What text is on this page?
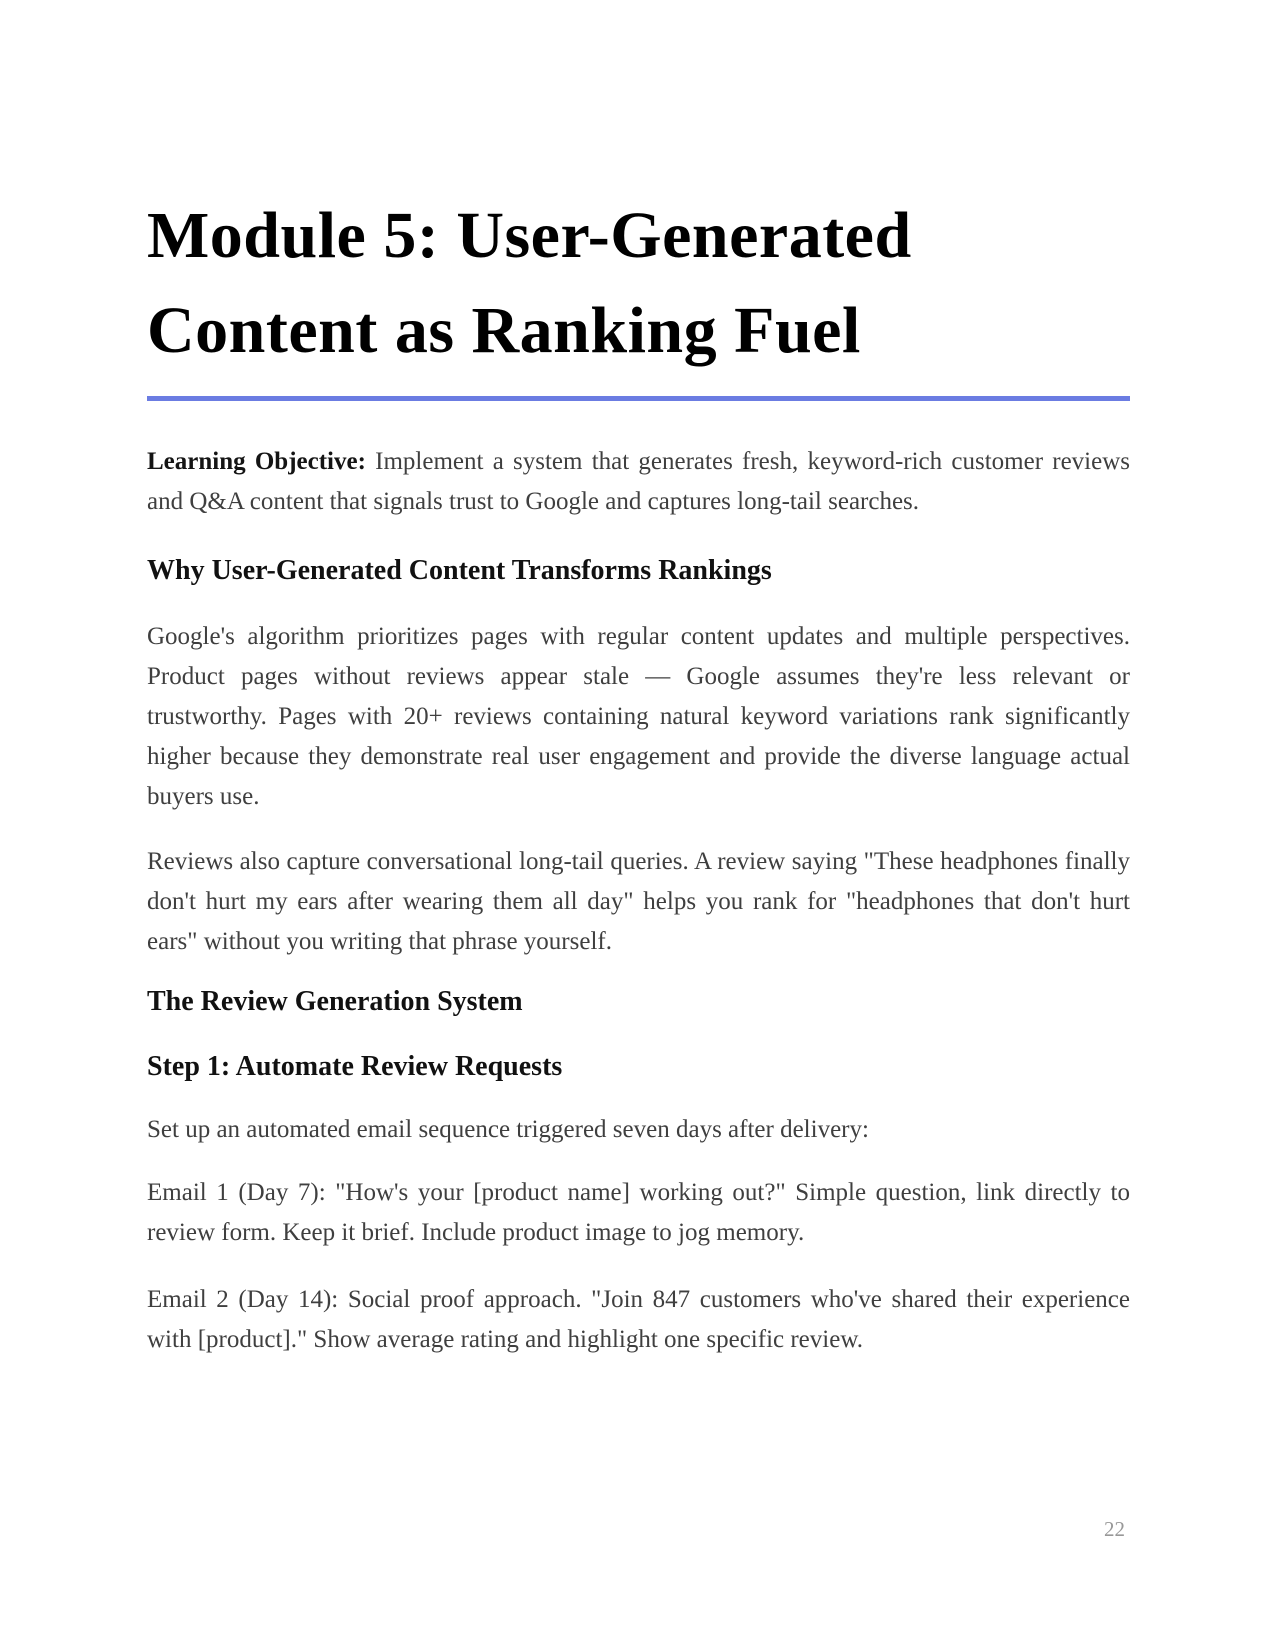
Module 5: User-Generated Content as Ranking Fuel

Learning Objective: Implement a system that generates fresh, keyword-rich customer reviews and Q&A content that signals trust to Google and captures long-tail searches.

Why User-Generated Content Transforms Rankings

Google's algorithm prioritizes pages with regular content updates and multiple perspectives. Product pages without reviews appear stale — Google assumes they're less relevant or trustworthy. Pages with 20+ reviews containing natural keyword variations rank significantly higher because they demonstrate real user engagement and provide the diverse language actual buyers use.

Reviews also capture conversational long-tail queries. A review saying "These headphones finally don't hurt my ears after wearing them all day" helps you rank for "headphones that don't hurt ears" without you writing that phrase yourself.

The Review Generation System
Step 1: Automate Review Requests

Set up an automated email sequence triggered seven days after delivery:

Email 1 (Day 7): "How's your [product name] working out?" Simple question, link directly to review form. Keep it brief. Include product image to jog memory.

Email 2 (Day 14): Social proof approach. "Join 847 customers who've shared their experience with [product]." Show average rating and highlight one specific review.

22
